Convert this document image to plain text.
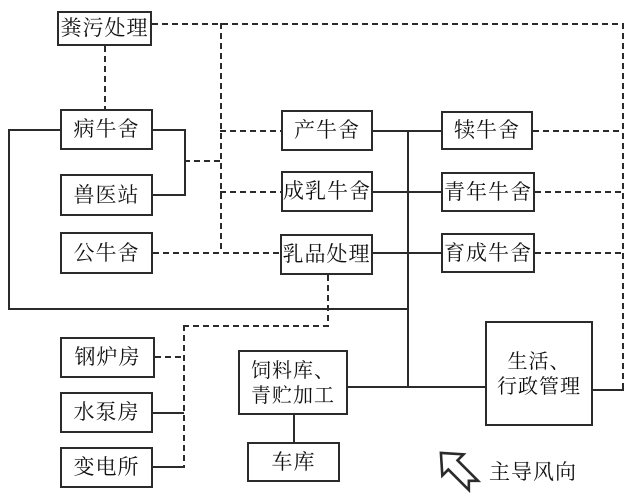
粪污处理
病牛舍
兽医站
公牛舍
产牛舍
成乳牛舍
乳品处理
犊牛舍
青年牛舍
育成牛舍
钢炉房
水泵房
变电所
饲料库、
青贮加工
车库
生活、
行政管理
主导风向
